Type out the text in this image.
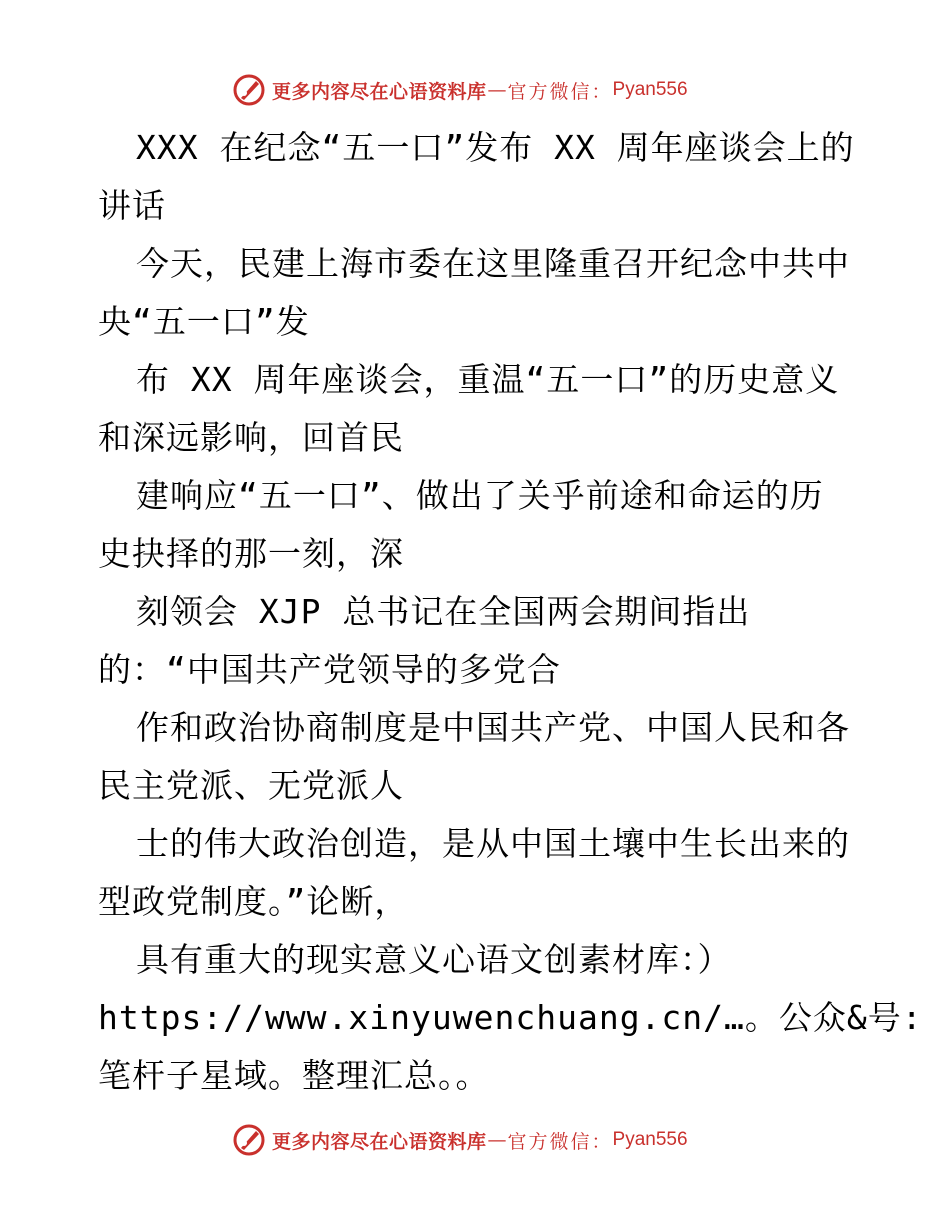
更多内容尽在心语资料库 — 官方微信： Pyan556
XXX 在纪念“五一口”发布 XX 周年座谈会上的
讲话
今天，民建上海市委在这里隆重召开纪念中共中
央“五一口”发
布 XX 周年座谈会，重温“五一口”的历史意义
和深远影响，回首民
建响应“五一口”、做出了关乎前途和命运的历
史抉择的那一刻，深
刻领会 XJP 总书记在全国两会期间指出
的：“中国共产党领导的多党合
作和政治协商制度是中国共产党、中国人民和各
民主党派、无党派人
士的伟大政治创造，是从中国土壤中生长出来的
型政党制度。”论断，
具有重大的现实意义心语文创素材库：）
https://www.xinyuwenchuang.cn/…。公众&号:
笔杆子星域。整理汇总。。
更多内容尽在心语资料库 — 官方微信： Pyan556
